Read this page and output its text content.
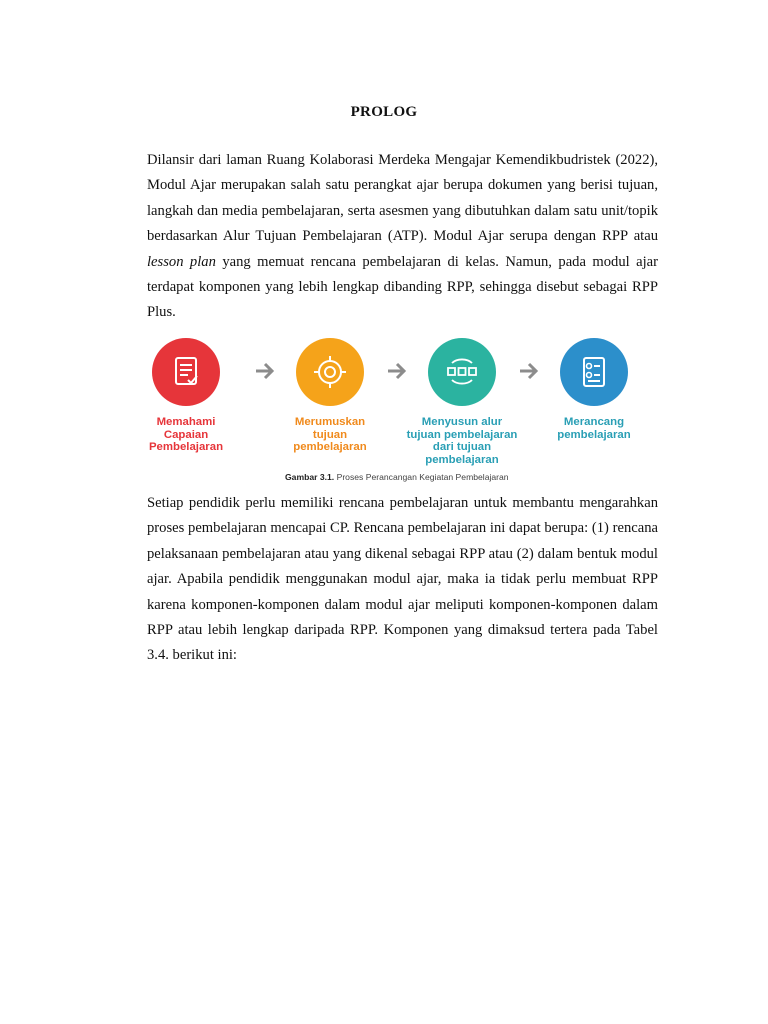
PROLOG

Dilansir dari laman Ruang Kolaborasi Merdeka Mengajar Kemendikbudristek (2022), Modul Ajar merupakan salah satu perangkat ajar berupa dokumen yang berisi tujuan, langkah dan media pembelajaran, serta asesmen yang dibutuhkan dalam satu unit/topik berdasarkan Alur Tujuan Pembelajaran (ATP). Modul Ajar serupa dengan RPP atau lesson plan yang memuat rencana pembelajaran di kelas. Namun, pada modul ajar terdapat komponen yang lebih lengkap dibanding RPP, sehingga disebut sebagai RPP Plus.

Memahami
Capaian
Pembelajaran
Merumuskan
tujuan
pembelajaran
Menyusun alur
tujuan pembelajaran
dari tujuan
pembelajaran
Merancang
pembelajaran
Gambar 3.1. Proses Perancangan Kegiatan Pembelajaran

Setiap pendidik perlu memiliki rencana pembelajaran untuk membantu mengarahkan proses pembelajaran mencapai CP. Rencana pembelajaran ini dapat berupa: (1) rencana pelaksanaan pembelajaran atau yang dikenal sebagai RPP atau (2) dalam bentuk modul ajar. Apabila pendidik menggunakan modul ajar, maka ia tidak perlu membuat RPP karena komponen-komponen dalam modul ajar meliputi komponen-komponen dalam RPP atau lebih lengkap daripada RPP. Komponen yang dimaksud tertera pada Tabel 3.4. berikut ini:
